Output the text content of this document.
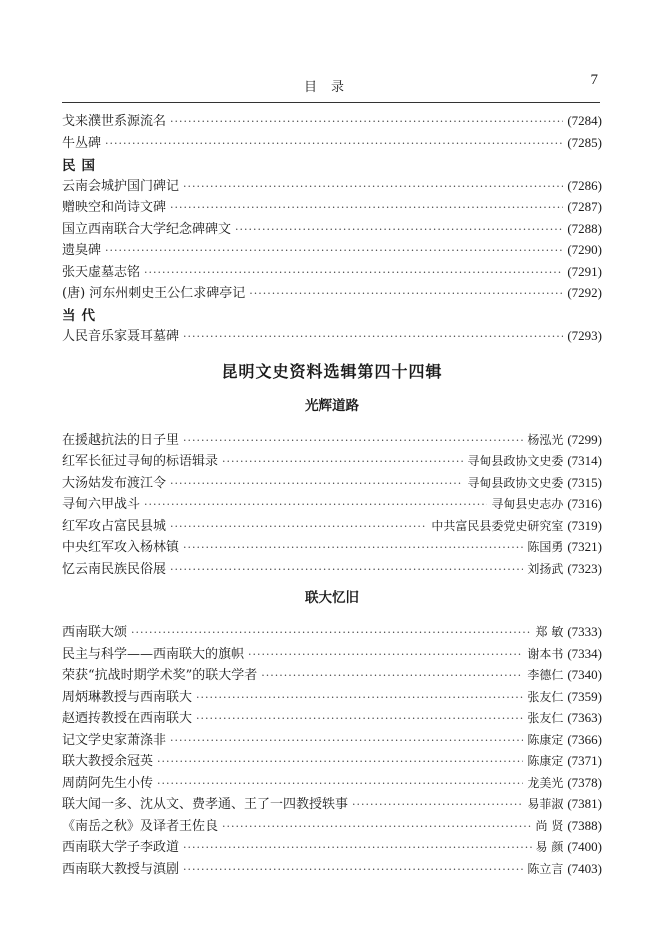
目录	7
戈来濮世系源流名 ·····	(7284)
牛丛碑 ·····	(7285)
民国
云南会城护国门碑记 ·····	(7286)
赠映空和尚诗文碑 ·····	(7287)
国立西南联合大学纪念碑碑文 ·····	(7288)
遗臭碑 ·····	(7290)
张天虚墓志铭 ·····	(7291)
(唐) 河东州刺史王公仁求碑亭记 ·····	(7292)
当代
人民音乐家聂耳墓碑 ·····	(7293)
昆明文史资料选辑第四十四辑
光辉道路
在援越抗法的日子里 ·····	杨泓光 (7299)
红军长征过寻甸的标语辑录 ·····	寻甸县政协文史委 (7314)
大汤姑发布渡江令 ·····	寻甸县政协文史委 (7315)
寻甸六甲战斗 ·····	寻甸县史志办 (7316)
红军攻占富民县城 ·····	中共富民县委党史研究室 (7319)
中央红军攻入杨林镇 ·····	陈国勇 (7321)
忆云南民族民俗展 ·····	刘扬武 (7323)
联大忆旧
西南联大颂 ·····	郑 敏 (7333)
民主与科学——西南联大的旗帜 ·····	谢本书 (7334)
荣获“抗战时期学术奖”的联大学者 ·····	李德仁 (7340)
周炳琳教授与西南联大 ·····	张友仁 (7359)
赵迺抟教授在西南联大 ·····	张友仁 (7363)
记文学史家萧涤非 ·····	陈康定 (7366)
联大教授余冠英 ·····	陈康定 (7371)
周荫阿先生小传 ·····	龙美光 (7378)
联大闻一多、沈从文、费孝通、王了一四教授轶事 ·····	易菲淑 (7381)
《南岳之秋》及译者王佐良 ·····	尚 贤 (7388)
西南联大学子李政道 ·····	易 颜 (7400)
西南联大教授与滇剧 ·····	陈立言 (7403)
